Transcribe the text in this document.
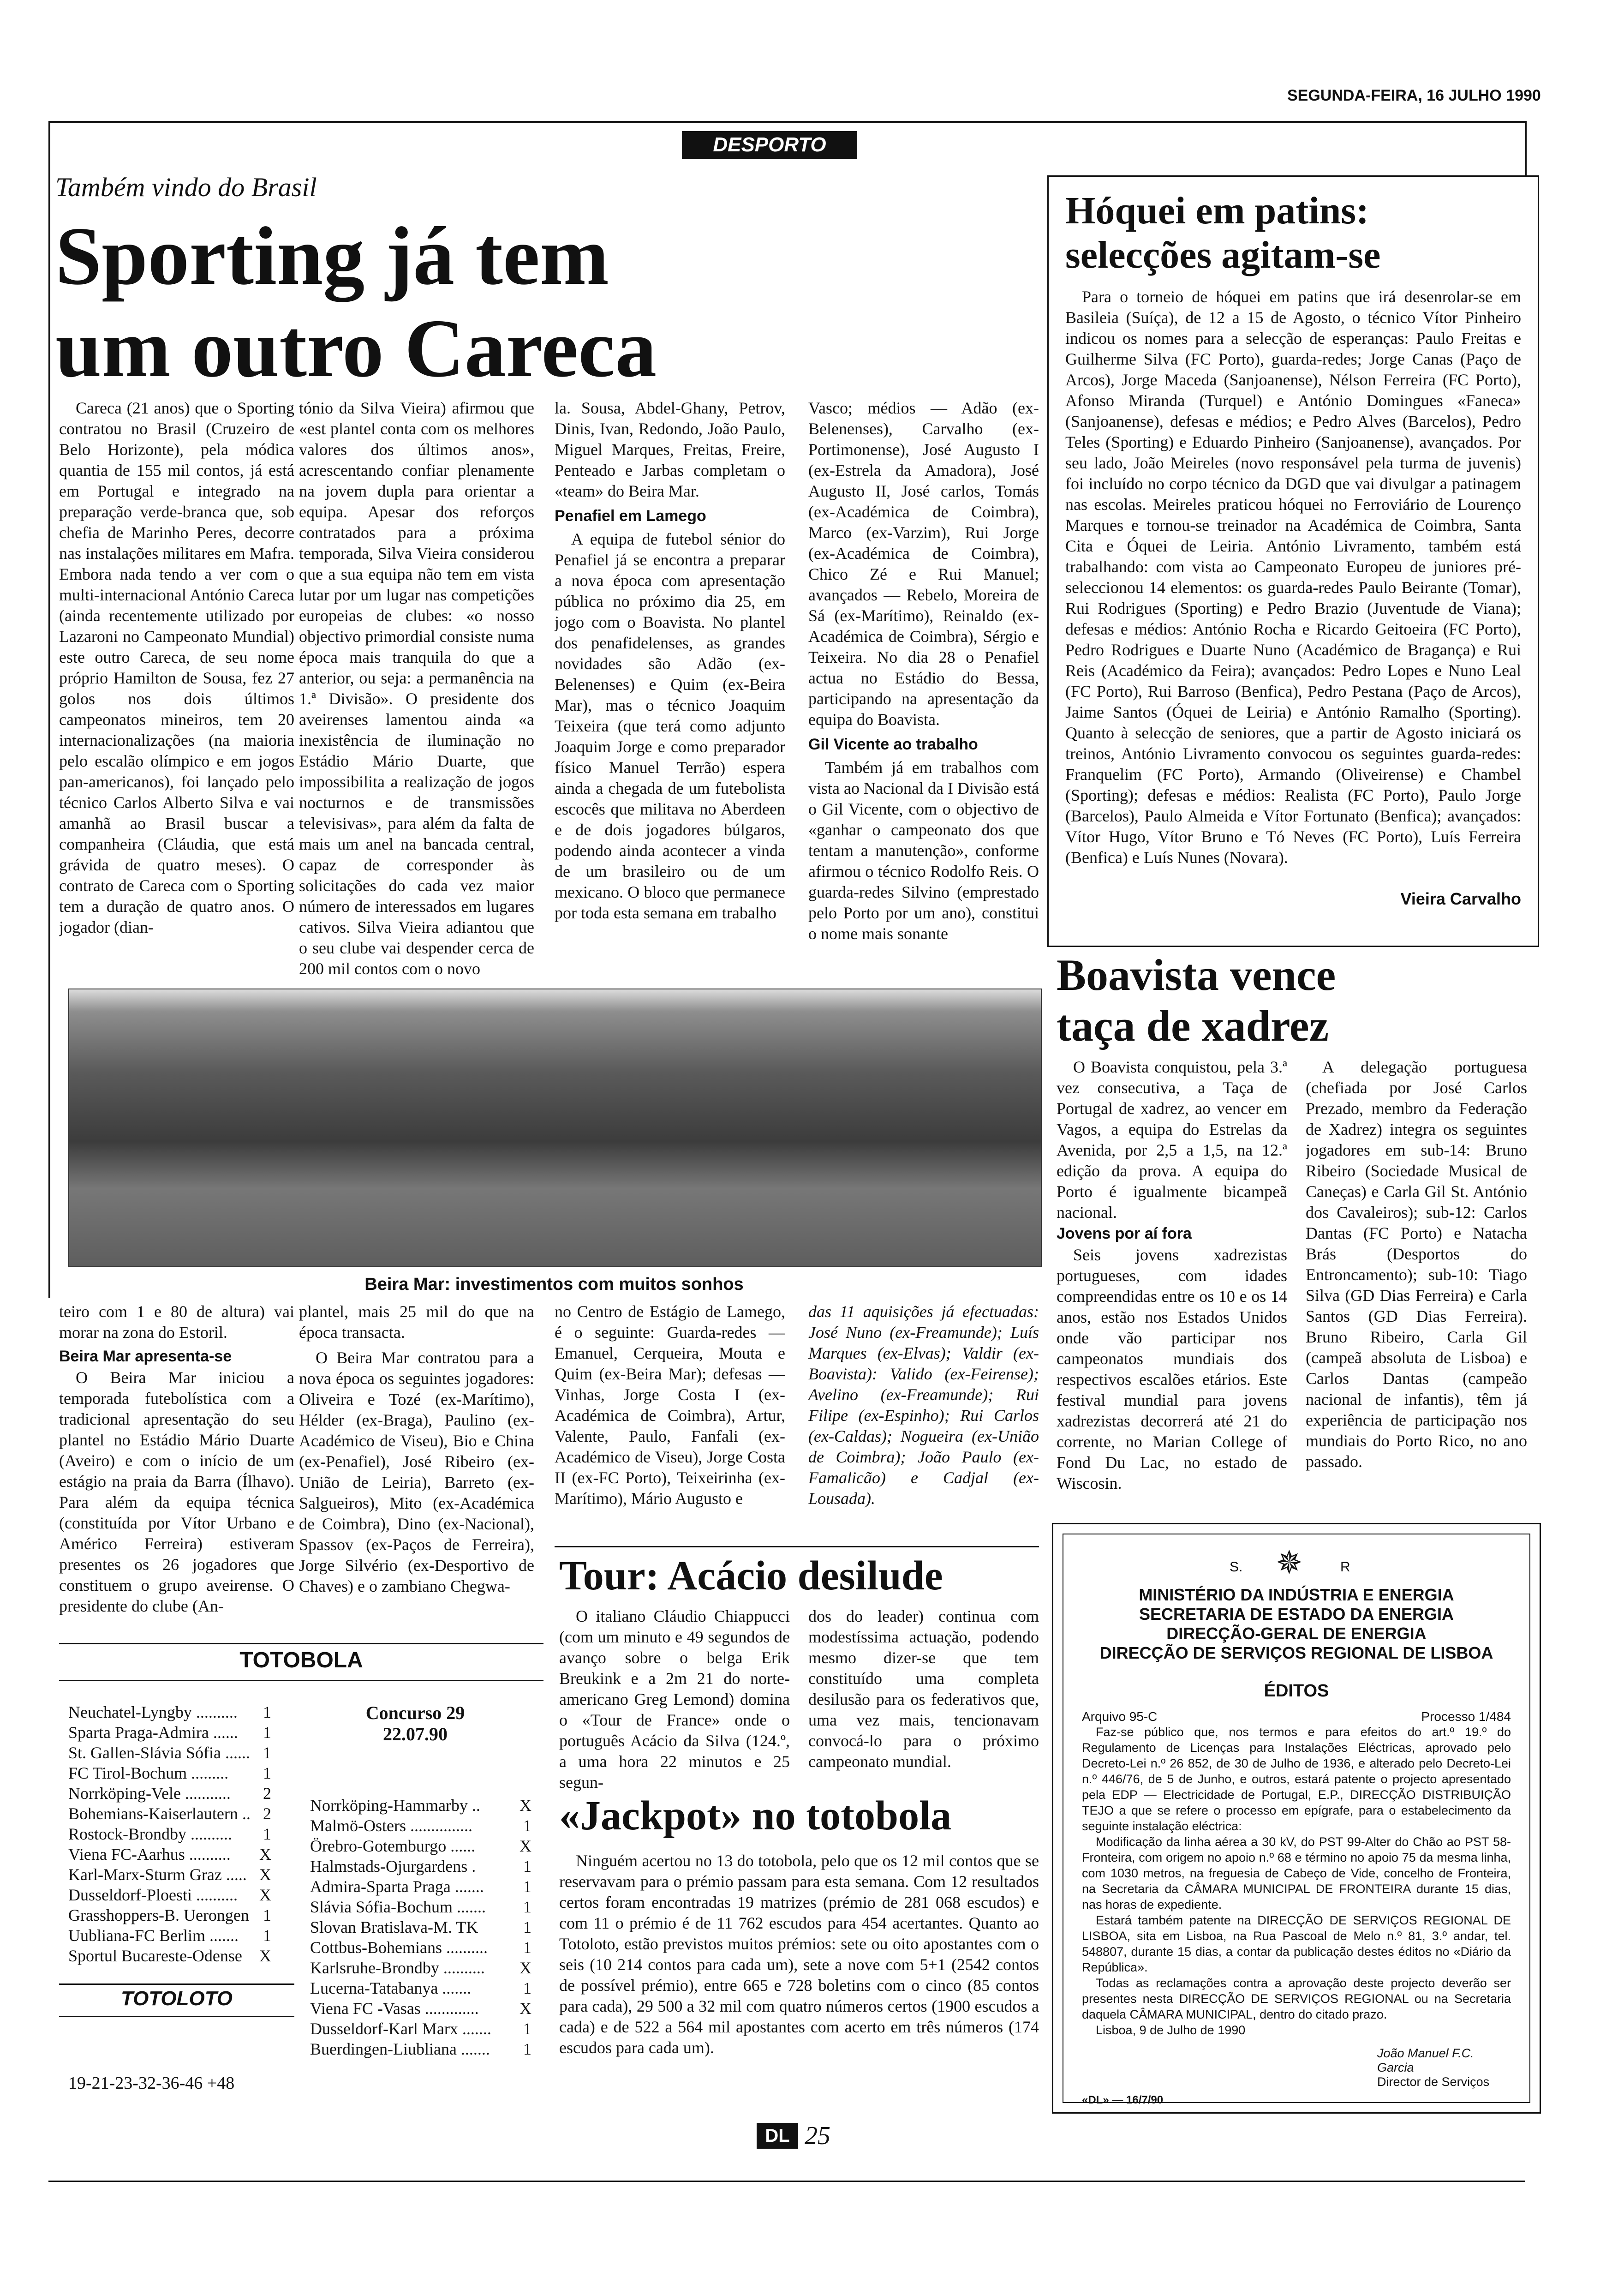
SEGUNDA-FEIRA, 16 JULHO 1990
DESPORTO
Também vindo do Brasil
Sporting já tem
um outro Careca
Careca (21 anos) que o Sporting contratou no Brasil (Cruzeiro de Belo Horizonte), pela módica quantia de 155 mil contos, já está em Portugal e integrado na preparação verde-branca que, sob chefia de Marinho Peres, decorre nas instalações militares em Mafra. Embora nada tendo a ver com o multi-internacional António Careca (ainda recentemente utilizado por Lazaroni no Campeonato Mundial) este outro Careca, de seu nome próprio Hamilton de Sousa, fez 27 golos nos dois últimos campeonatos mineiros, tem 20 internacionalizações (na maioria pelo escalão olímpico e em jogos pan-americanos), foi lançado pelo técnico Carlos Alberto Silva e vai amanhã ao Brasil buscar a companheira (Cláudia, que está grávida de quatro meses). O contrato de Careca com o Sporting tem a duração de quatro anos. O jogador (dian-
tónio da Silva Vieira) afirmou que «est plantel conta com os melhores valores dos últimos anos», acrescentando confiar plenamente na jovem dupla para orientar a equipa. Apesar dos reforços contratados para a próxima temporada, Silva Vieira considerou que a sua equipa não tem em vista lutar por um lugar nas competições europeias de clubes: «o nosso objectivo primordial consiste numa época mais tranquila do que a anterior, ou seja: a permanência na 1.ª Divisão». O presidente dos aveirenses lamentou ainda «a inexistência de iluminação no Estádio Mário Duarte, que impossibilita a realização de jogos nocturnos e de transmissões televisivas», para além da falta de mais um anel na bancada central, capaz de corresponder às solicitações do cada vez maior número de interessados em lugares cativos. Silva Vieira adiantou que o seu clube vai despender cerca de 200 mil contos com o novo
la. Sousa, Abdel-Ghany, Petrov, Dinis, Ivan, Redondo, João Paulo, Miguel Marques, Freitas, Freire, Penteado e Jarbas completam o «team» do Beira Mar.
Penafiel em Lamego
A equipa de futebol sénior do Penafiel já se encontra a preparar a nova época com apresentação pública no próximo dia 25, em jogo com o Boavista. No plantel dos penafidelenses, as grandes novidades são Adão (ex-Belenenses) e Quim (ex-Beira Mar), mas o técnico Joaquim Teixeira (que terá como adjunto Joaquim Jorge e como preparador físico Manuel Terrão) espera ainda a chegada de um futebolista escocês que militava no Aberdeen e de dois jogadores búlgaros, podendo ainda acontecer a vinda de um brasileiro ou de um mexicano. O bloco que permanece por toda esta semana em trabalho
Vasco; médios — Adão (ex-Belenenses), Carvalho (ex-Portimonense), José Augusto I (ex-Estrela da Amadora), José Augusto II, José carlos, Tomás (ex-Académica de Coimbra), Marco (ex-Varzim), Rui Jorge (ex-Académica de Coimbra), Chico Zé e Rui Manuel; avançados — Rebelo, Moreira de Sá (ex-Marítimo), Reinaldo (ex-Académica de Coimbra), Sérgio e Teixeira. No dia 28 o Penafiel actua no Estádio do Bessa, participando na apresentação da equipa do Boavista.
Gil Vicente ao trabalho
Também já em trabalhos com vista ao Nacional da I Divisão está o Gil Vicente, com o objectivo de «ganhar o campeonato dos que tentam a manutenção», conforme afirmou o técnico Rodolfo Reis. O guarda-redes Silvino (emprestado pelo Porto por um ano), constitui o nome mais sonante
Beira Mar: investimentos com muitos sonhos
teiro com 1 e 80 de altura) vai morar na zona do Estoril.
Beira Mar apresenta-se
O Beira Mar iniciou a temporada futebolística com a tradicional apresentação do seu plantel no Estádio Mário Duarte (Aveiro) e com o início de um estágio na praia da Barra (Ílhavo). Para além da equipa técnica (constituída por Vítor Urbano e Américo Ferreira) estiveram presentes os 26 jogadores que constituem o grupo aveirense. O presidente do clube (An-
plantel, mais 25 mil do que na época transacta.
O Beira Mar contratou para a nova época os seguintes jogadores: Oliveira e Tozé (ex-Marítimo), Hélder (ex-Braga), Paulino (ex-Académico de Viseu), Bio e China (ex-Penafiel), José Ribeiro (ex-União de Leiria), Barreto (ex-Salgueiros), Mito (ex-Académica de Coimbra), Dino (ex-Nacional), Spassov (ex-Paços de Ferreira), Jorge Silvério (ex-Desportivo de Chaves) e o zambiano Chegwa-
no Centro de Estágio de Lamego, é o seguinte: Guarda-redes — Emanuel, Cerqueira, Mouta e Quim (ex-Beira Mar); defesas — Vinhas, Jorge Costa I (ex-Académica de Coimbra), Artur, Valente, Paulo, Fanfali (ex-Académico de Viseu), Jorge Costa II (ex-FC Porto), Teixeirinha (ex-Marítimo), Mário Augusto e
das 11 aquisições já efectuadas: José Nuno (ex-Freamunde); Luís Marques (ex-Elvas); Valdir (ex-Boavista): Valido (ex-Feirense); Avelino (ex-Freamunde); Rui Filipe (ex-Espinho); Rui Carlos (ex-Caldas); Nogueira (ex-União de Coimbra); João Paulo (ex-Famalicão) e Cadjal (ex-Lousada).
Hóquei em patins:
selecções agitam-se
Para o torneio de hóquei em patins que irá desenrolar-se em Basileia (Suíça), de 12 a 15 de Agosto, o técnico Vítor Pinheiro indicou os nomes para a selecção de esperanças: Paulo Freitas e Guilherme Silva (FC Porto), guarda-redes; Jorge Canas (Paço de Arcos), Jorge Maceda (Sanjoanense), Nélson Ferreira (FC Porto), Afonso Miranda (Turquel) e António Domingues «Faneca» (Sanjoanense), defesas e médios; e Pedro Alves (Barcelos), Pedro Teles (Sporting) e Eduardo Pinheiro (Sanjoanense), avançados. Por seu lado, João Meireles (novo responsável pela turma de juvenis) foi incluído no corpo técnico da DGD que vai divulgar a patinagem nas escolas. Meireles praticou hóquei no Ferroviário de Lourenço Marques e tornou-se treinador na Académica de Coimbra, Santa Cita e Óquei de Leiria. António Livramento, também está trabalhando: com vista ao Campeonato Europeu de juniores pré-seleccionou 14 elementos: os guarda-redes Paulo Beirante (Tomar), Rui Rodrigues (Sporting) e Pedro Brazio (Juventude de Viana); defesas e médios: António Rocha e Ricardo Geitoeira (FC Porto), Pedro Rodrigues e Duarte Nuno (Académico de Bragança) e Rui Reis (Académico da Feira); avançados: Pedro Lopes e Nuno Leal (FC Porto), Rui Barroso (Benfica), Pedro Pestana (Paço de Arcos), Jaime Santos (Óquei de Leiria) e António Ramalho (Sporting). Quanto à selecção de seniores, que a partir de Agosto iniciará os treinos, António Livramento convocou os seguintes guarda-redes: Franquelim (FC Porto), Armando (Oliveirense) e Chambel (Sporting); defesas e médios: Realista (FC Porto), Paulo Jorge (Barcelos), Paulo Almeida e Vítor Fortunato (Benfica); avançados: Vítor Hugo, Vítor Bruno e Tó Neves (FC Porto), Luís Ferreira (Benfica) e Luís Nunes (Novara).
Vieira Carvalho
Boavista vence
taça de xadrez
O Boavista conquistou, pela 3.ª vez consecutiva, a Taça de Portugal de xadrez, ao vencer em Vagos, a equipa do Estrelas da Avenida, por 2,5 a 1,5, na 12.ª edição da prova. A equipa do Porto é igualmente bicampeã nacional.
Jovens por aí fora
Seis jovens xadrezistas portugueses, com idades compreendidas entre os 10 e os 14 anos, estão nos Estados Unidos onde vão participar nos campeonatos mundiais dos respectivos escalões etários. Este festival mundial para jovens xadrezistas decorrerá até 21 do corrente, no Marian College of Fond Du Lac, no estado de Wiscosin.
A delegação portuguesa (chefiada por José Carlos Prezado, membro da Federação de Xadrez) integra os seguintes jogadores em sub-14: Bruno Ribeiro (Sociedade Musical de Caneças) e Carla Gil St. António dos Cavaleiros); sub-12: Carlos Dantas (FC Porto) e Natacha Brás (Desportos do Entroncamento); sub-10: Tiago Silva (GD Dias Ferreira) e Carla Santos (GD Dias Ferreira). Bruno Ribeiro, Carla Gil (campeã absoluta de Lisboa) e Carlos Dantas (campeão nacional de infantis), têm já experiência de participação nos mundiais do Porto Rico, no ano passado.
S. ✵	R
MINISTÉRIO DA INDÚSTRIA E ENERGIA
SECRETARIA DE ESTADO DA ENERGIA
DIRECÇÃO-GERAL DE ENERGIA
DIRECÇÃO DE SERVIÇOS REGIONAL DE LISBOA
ÉDITOS
Arquivo 95-C	Processo 1/484
Faz-se público que, nos termos e para efeitos do art.º 19.º do Regulamento de Licenças para Instalações Eléctricas, aprovado pelo Decreto-Lei n.º 26 852, de 30 de Julho de 1936, e alterado pelo Decreto-Lei n.º 446/76, de 5 de Junho, e outros, estará patente o projecto apresentado pela EDP — Electricidade de Portugal, E.P., DIRECÇÃO DISTRIBUIÇÃO TEJO a que se refere o processo em epígrafe, para o estabelecimento da seguinte instalação eléctrica:
Modificação da linha aérea a 30 kV, do PST 99-Alter do Chão ao PST 58-Fronteira, com origem no apoio n.º 68 e término no apoio 75 da mesma linha, com 1030 metros, na freguesia de Cabeço de Vide, concelho de Fronteira, na Secretaria da CÂMARA MUNICIPAL DE FRONTEIRA durante 15 dias, nas horas de expediente.
Estará também patente na DIRECÇÃO DE SERVIÇOS REGIONAL DE LISBOA, sita em Lisboa, na Rua Pascoal de Melo n.º 81, 3.º andar, tel. 548807, durante 15 dias, a contar da publicação destes éditos no «Diário da República».
Todas as reclamações contra a aprovação deste projecto deverão ser presentes nesta DIRECÇÃO DE SERVIÇOS REGIONAL ou na Secretaria daquela CÂMARA MUNICIPAL, dentro do citado prazo.
Lisboa, 9 de Julho de 1990
João Manuel F.C. Garcia
Director de Serviços
«DL» — 16/7/90
TOTOBOLA
Neuchatel-Lyngby .......... 1
Sparta Praga-Admira ...... 1
St. Gallen-Slávia Sófia ...... 1
FC Tirol-Bochum ......... 1
Norrköping-Vele ........... 2
Bohemians-Kaiserlautern .. 2
Rostock-Brondby .......... 1
Viena FC-Aarhus .......... X
Karl-Marx-Sturm Graz ..... X
Dusseldorf-Ploesti .......... X
Grasshoppers-B. Uerongen 1
Uubliana-FC Berlim ....... 1
Sportul Bucareste-Odense X
Concurso 29
22.07.90
Norrköping-Hammarby .. X
Malmö-Osters ...............	1
Örebro-Gotemburgo ......	X
Halmstads-Ojurgardens .	1
Admira-Sparta Praga ....... 1
Slávia Sófia-Bochum ....... 1
Slovan Bratislava-M. TK	1
Cottbus-Bohemians .......... 1
Karlsruhe-Brondby .......... X
Lucerna-Tatabanya .......	1
Viena FC -Vasas ............. X
Dusseldorf-Karl Marx ....... 1
Buerdingen-Liubliana ....... 1
TOTOLOTO
19-21-23-32-36-46 +48
Tour: Acácio desilude
O italiano Cláudio Chiappucci (com um minuto e 49 segundos de avanço sobre o belga Erik Breukink e a 2m 21 do norte-americano Greg Lemond) domina o «Tour de France» onde o português Acácio da Silva (124.º, a uma hora 22 minutos e 25 segun-
dos do leader) continua com modestíssima actuação, podendo mesmo dizer-se que tem constituído uma completa desilusão para os federativos que, uma vez mais, tencionavam convocá-lo para o próximo campeonato mundial.
«Jackpot» no totobola
Ninguém acertou no 13 do totobola, pelo que os 12 mil contos que se reservavam para o prémio passam para esta semana. Com 12 resultados certos foram encontradas 19 matrizes (prémio de 281 068 escudos) e com 11 o prémio é de 11 762 escudos para 454 acertantes. Quanto ao Totoloto, estão previstos muitos prémios: sete ou oito apostantes com o seis (10 214 contos para cada um), sete a nove com 5+1 (2542 contos de possível prémio), entre 665 e 728 boletins com o cinco (85 contos para cada), 29 500 a 32 mil com quatro números certos (1900 escudos a cada) e de 522 a 564 mil apostantes com acerto em três números (174 escudos para cada um).
DL 25
